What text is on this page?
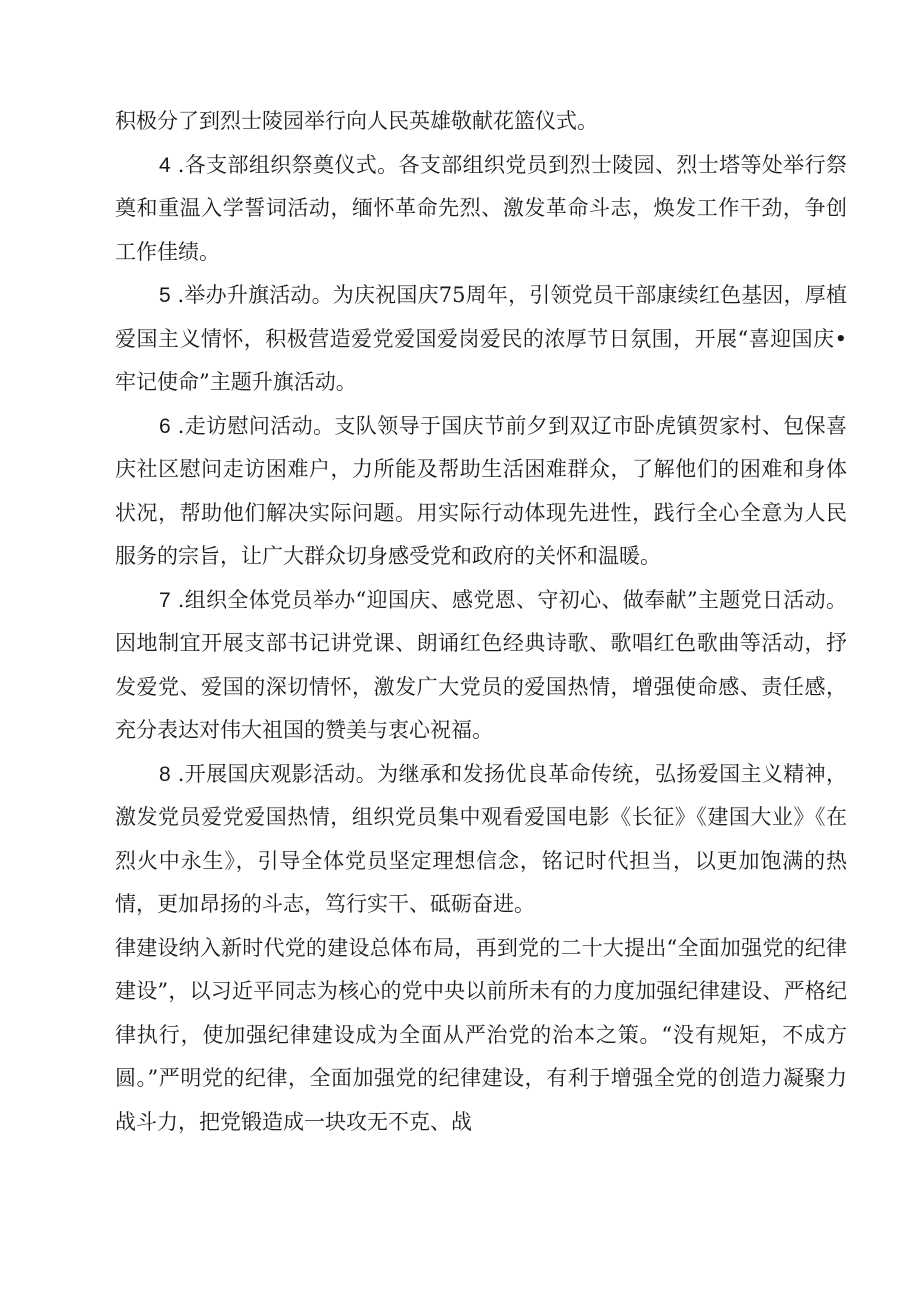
积极分了到烈士陵园举行向人民英雄敬献花篮仪式。

4 .各支部组织祭奠仪式。各支部组织党员到烈士陵园、烈士塔等处举行祭奠和重温入学誓词活动，缅怀革命先烈、激发革命斗志，焕发工作干劲，争创工作佳绩。

5 .举办升旗活动。为庆祝国庆75周年，引领党员干部康续红色基因，厚植爱国主义情怀，积极营造爱党爱国爱岗爱民的浓厚节日氛围，开展“喜迎国庆•牢记使命”主题升旗活动。

6 .走访慰问活动。支队领导于国庆节前夕到双辽市卧虎镇贺家村、包保喜庆社区慰问走访困难户，力所能及帮助生活困难群众，了解他们的困难和身体状况，帮助他们解决实际问题。用实际行动体现先进性，践行全心全意为人民服务的宗旨，让广大群众切身感受党和政府的关怀和温暖。

7 .组织全体党员举办“迎国庆、感党恩、守初心、做奉献”主题党日活动。因地制宜开展支部书记讲党课、朗诵红色经典诗歌、歌唱红色歌曲等活动，抒发爱党、爱国的深切情怀，激发广大党员的爱国热情，增强使命感、责任感，充分表达对伟大祖国的赞美与衷心祝福。

8 .开展国庆观影活动。为继承和发扬优良革命传统，弘扬爱国主义精神，激发党员爱党爱国热情，组织党员集中观看爱国电影《长征》《建国大业》《在烈火中永生》，引导全体党员坚定理想信念，铭记时代担当，以更加饱满的热情，更加昂扬的斗志，笃行实干、砥砺奋进。

律建设纳入新时代党的建设总体布局，再到党的二十大提出“全面加强党的纪律建设”，以习近平同志为核心的党中央以前所未有的力度加强纪律建设、严格纪律执行，使加强纪律建设成为全面从严治党的治本之策。“没有规矩，不成方圆。”严明党的纪律，全面加强党的纪律建设，有利于增强全党的创造力凝聚力战斗力，把党锻造成一块攻无不克、战
